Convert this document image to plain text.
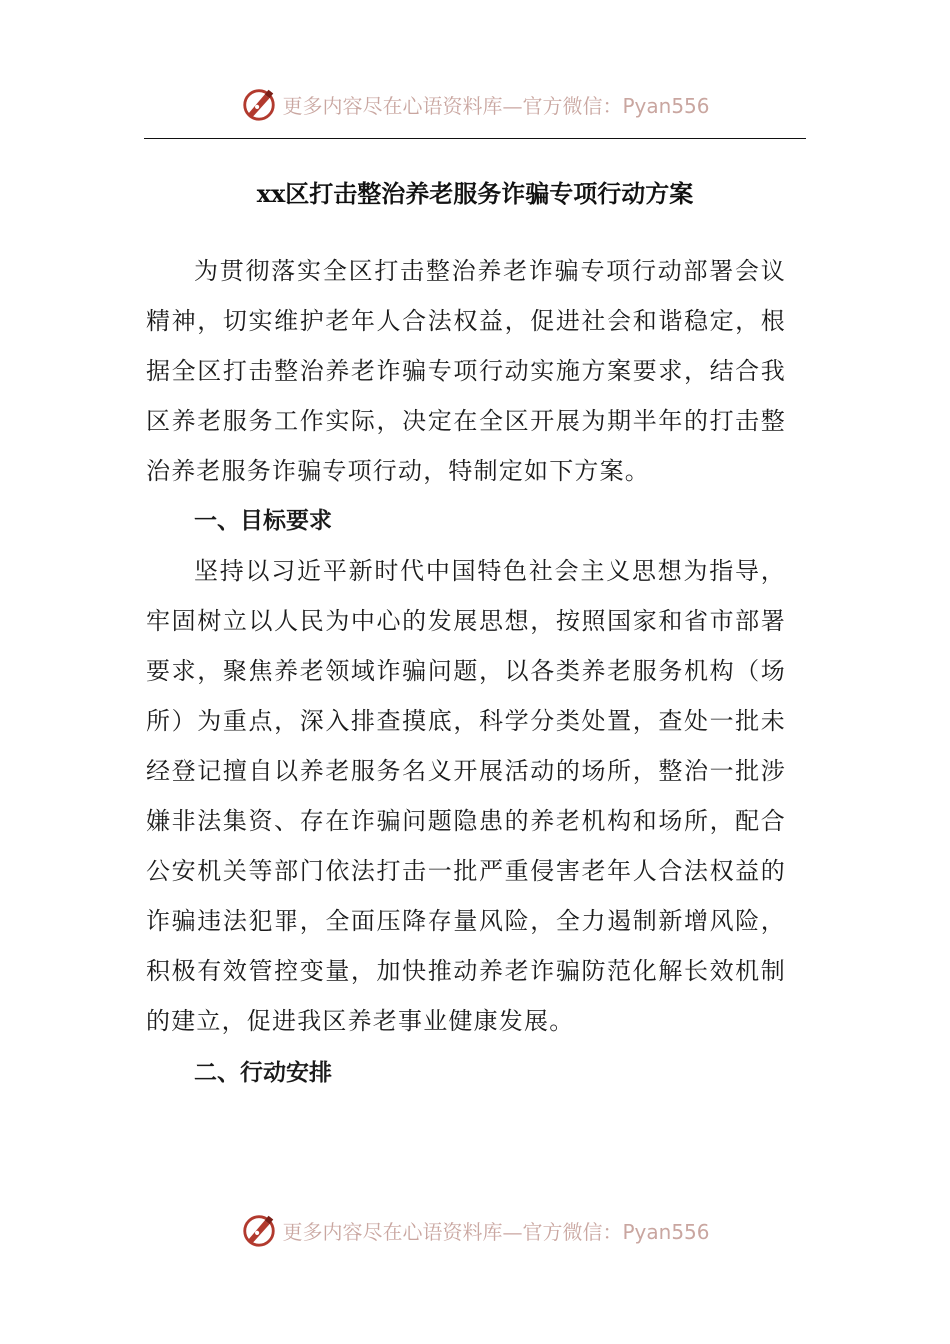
更多内容尽在心语资料库—官方微信：Pyan556
xx区打击整治养老服务诈骗专项行动方案

为贯彻落实全区打击整治养老诈骗专项行动部署会议精神，切实维护老年人合法权益，促进社会和谐稳定，根据全区打击整治养老诈骗专项行动实施方案要求，结合我区养老服务工作实际，决定在全区开展为期半年的打击整治养老服务诈骗专项行动，特制定如下方案。

一、目标要求

坚持以习近平新时代中国特色社会主义思想为指导，牢固树立以人民为中心的发展思想，按照国家和省市部署要求，聚焦养老领域诈骗问题，以各类养老服务机构（场所）为重点，深入排查摸底，科学分类处置，查处一批未经登记擅自以养老服务名义开展活动的场所，整治一批涉嫌非法集资、存在诈骗问题隐患的养老机构和场所，配合公安机关等部门依法打击一批严重侵害老年人合法权益的诈骗违法犯罪，全面压降存量风险，全力遏制新增风险，积极有效管控变量，加快推动养老诈骗防范化解长效机制的建立，促进我区养老事业健康发展。

二、行动安排

更多内容尽在心语资料库—官方微信：Pyan556
